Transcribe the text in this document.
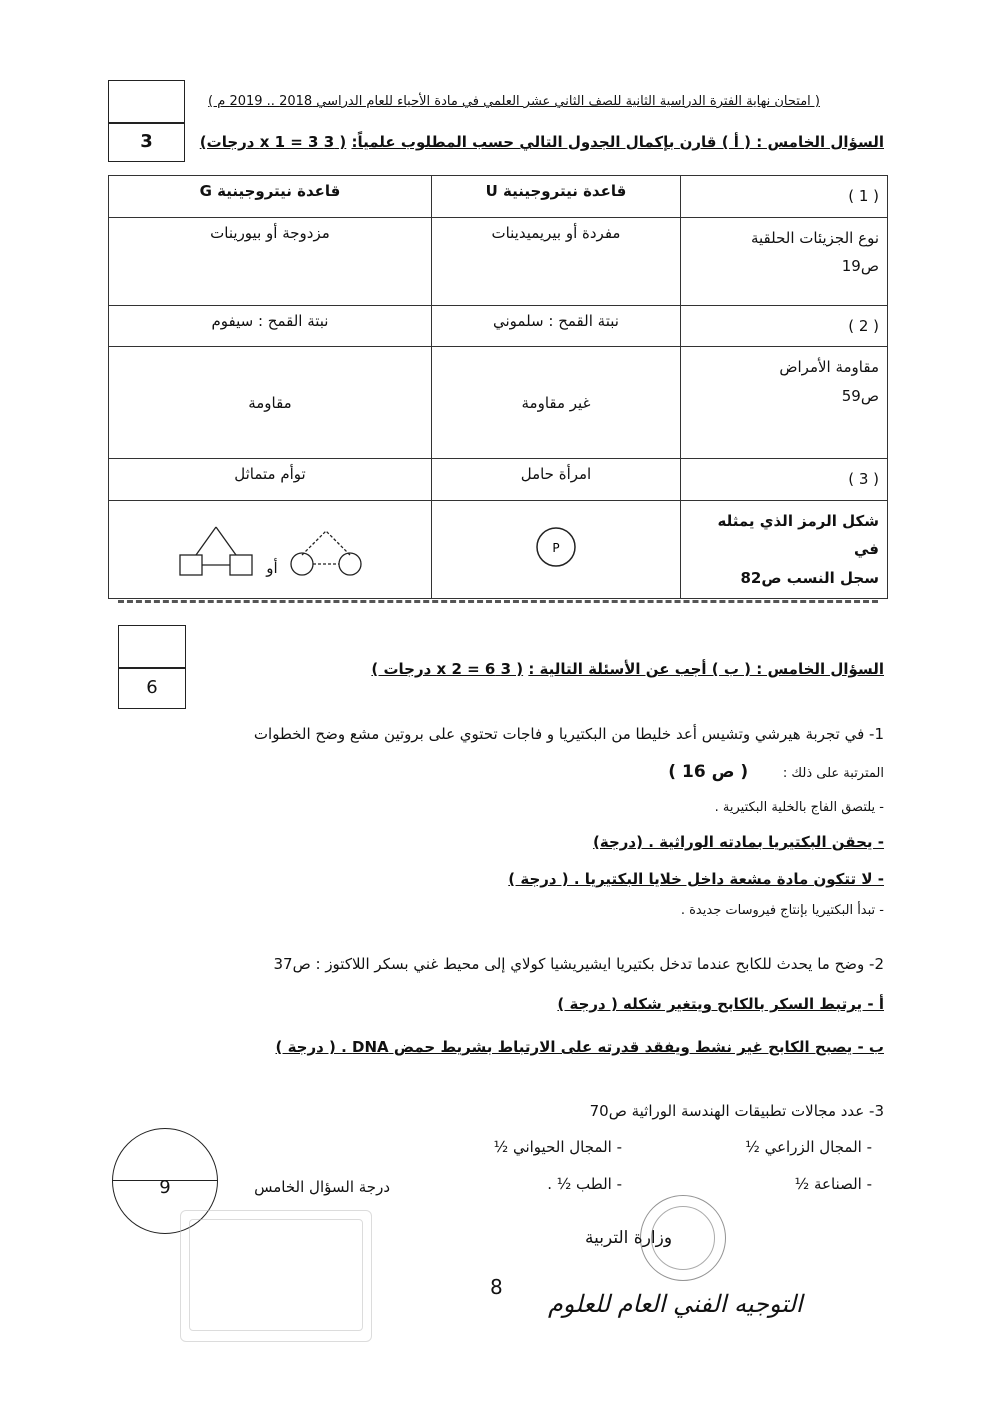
3
( امتحان نهاية الفترة الدراسية الثانية للصف الثاني عشر العلمي في مادة الأحياء للعام الدراسي 2018 .. 2019 م )
السؤال الخامس : ( أ ) قارن بإكمال الجدول التالي حسب المطلوب علمياً: ( 3 x 1 = 3 درجات)
( 1 )	قاعدة نيتروجينية U	قاعدة نيتروجينية G

نوع الجزيئات الحلقية
ص19	مفردة أو بيريميدينات	مزدوجة أو بيورينات
( 2 )	نبتة القمح : سلموني	نبتة القمح : سيفوم

مقاومة الأمراض
ص59	غير مقاومة	مقاومة
( 3 )	امرأة حامل	توأم متماثل

شكل الرمز الذي يمثله في
سجل النسب ص82	P	أو
6
السؤال الخامس : ( ب ) أجب عن الأسئلة التالية : ( 3 x 2 = 6 درجات )
1- في تجربة هيرشي وتشيس أعد خليطا من البكتيريا و فاجات تحتوي على بروتين مشع وضح الخطوات
المترتبة على ذلك : ( ص 16 )
- يلتصق الفاج بالخلية البكتيرية .
- يحقن البكتيريا بمادته الوراثية . (درجة)
- لا تتكون مادة مشعة داخل خلايا البكتيريا . ( درجة )
- تبدأ البكتيريا بإنتاج فيروسات جديدة .
2- وضح ما يحدث للكابح عندما تدخل بكتيريا ايشيريشيا كولاي إلى محيط غني بسكر اللاكتوز : ص37
أ - يرتبط السكر بالكابح ويتغير شكله ( درجة )
ب - يصبح الكابح غير نشط ويفقد قدرته على الارتباط بشريط حمض DNA . ( درجة )
3- عدد مجالات تطبيقات الهندسة الوراثية ص70
- المجال الزراعي ½
- المجال الحيواني ½
- الصناعة ½
- الطب ½ .
9	درجة السؤال الخامس
8
وزارة التربية
التوجيه الفني العام للعلوم
